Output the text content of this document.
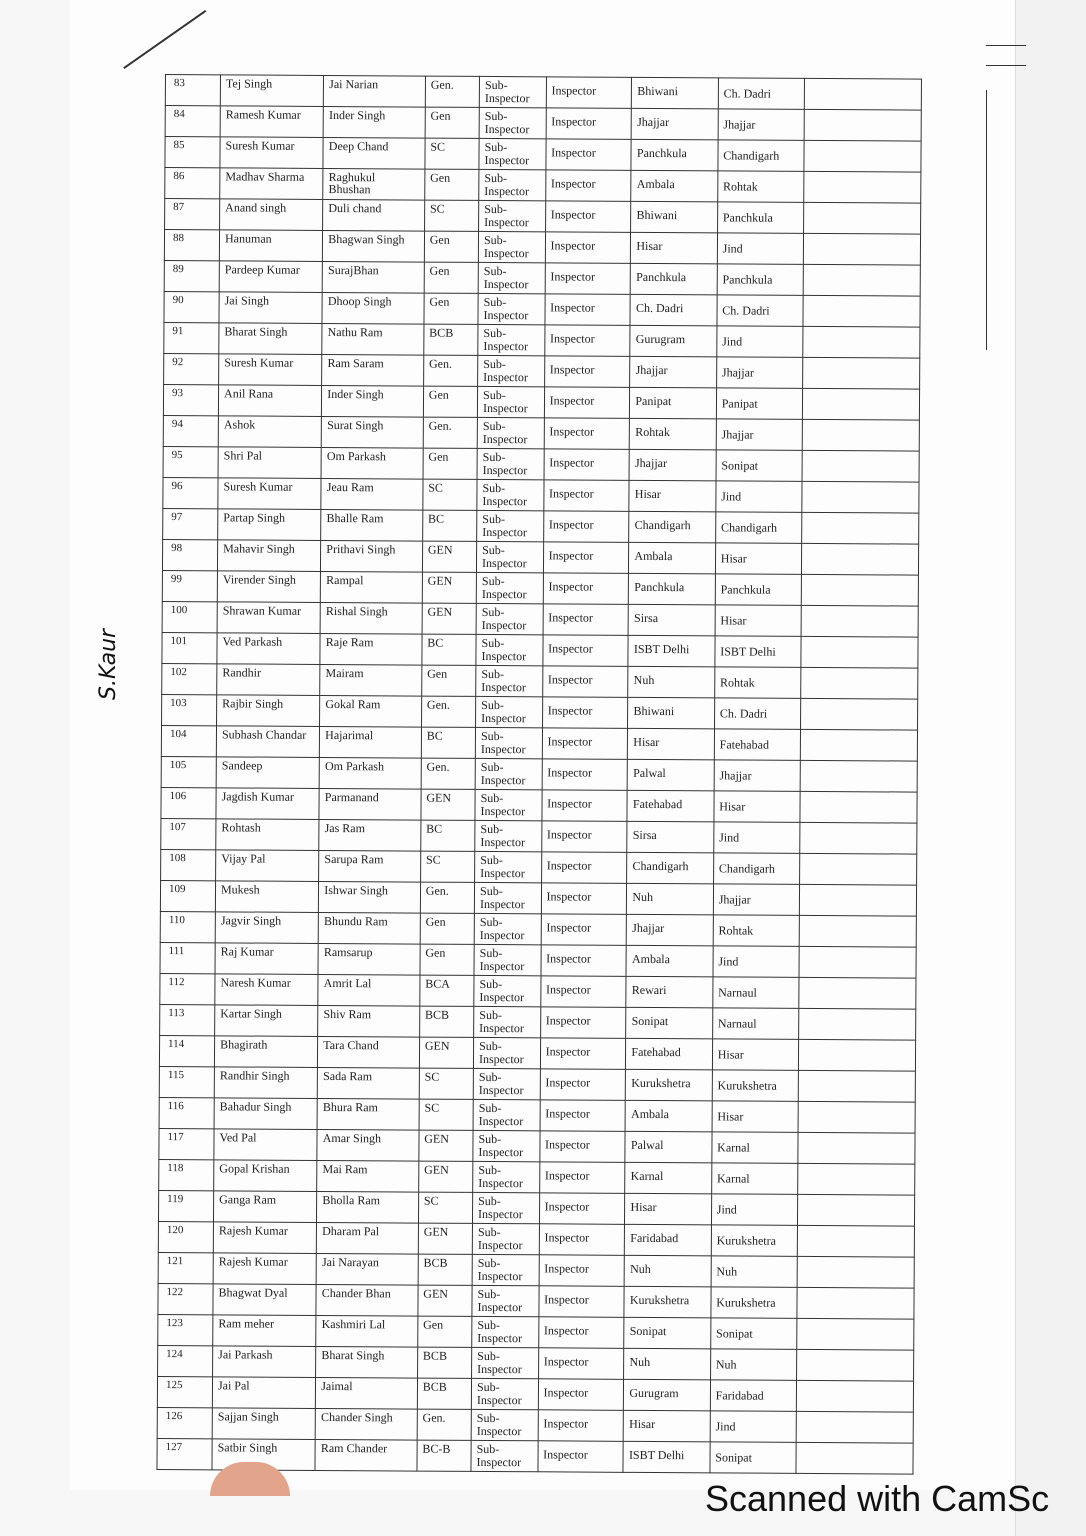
83	Tej Singh	Jai Narian	Gen.	Sub-Inspector	Inspector	Bhiwani	Ch. Dadri	
84	Ramesh Kumar	Inder Singh	Gen	Sub-Inspector	Inspector	Jhajjar	Jhajjar	
85	Suresh Kumar	Deep Chand	SC	Sub-Inspector	Inspector	Panchkula	Chandigarh	
86	Madhav Sharma	Raghukul Bhushan	Gen	Sub-Inspector	Inspector	Ambala	Rohtak	
87	Anand singh	Duli chand	SC	Sub-Inspector	Inspector	Bhiwani	Panchkula	
88	Hanuman	Bhagwan Singh	Gen	Sub-Inspector	Inspector	Hisar	Jind	
89	Pardeep Kumar	SurajBhan	Gen	Sub-Inspector	Inspector	Panchkula	Panchkula	
90	Jai Singh	Dhoop Singh	Gen	Sub-Inspector	Inspector	Ch. Dadri	Ch. Dadri	
91	Bharat Singh	Nathu Ram	BCB	Sub-Inspector	Inspector	Gurugram	Jind	
92	Suresh Kumar	Ram Saram	Gen.	Sub-Inspector	Inspector	Jhajjar	Jhajjar	
93	Anil Rana	Inder Singh	Gen	Sub-Inspector	Inspector	Panipat	Panipat	
94	Ashok	Surat Singh	Gen.	Sub-Inspector	Inspector	Rohtak	Jhajjar	
95	Shri Pal	Om Parkash	Gen	Sub-Inspector	Inspector	Jhajjar	Sonipat	
96	Suresh Kumar	Jeau Ram	SC	Sub-Inspector	Inspector	Hisar	Jind	
97	Partap Singh	Bhalle Ram	BC	Sub-Inspector	Inspector	Chandigarh	Chandigarh	
98	Mahavir Singh	Prithavi Singh	GEN	Sub-Inspector	Inspector	Ambala	Hisar	
99	Virender Singh	Rampal	GEN	Sub-Inspector	Inspector	Panchkula	Panchkula	
100	Shrawan Kumar	Rishal Singh	GEN	Sub-Inspector	Inspector	Sirsa	Hisar	
101	Ved Parkash	Raje Ram	BC	Sub-Inspector	Inspector	ISBT Delhi	ISBT Delhi	
102	Randhir	Mairam	Gen	Sub-Inspector	Inspector	Nuh	Rohtak	
103	Rajbir Singh	Gokal Ram	Gen.	Sub-Inspector	Inspector	Bhiwani	Ch. Dadri	
104	Subhash Chandar	Hajarimal	BC	Sub-Inspector	Inspector	Hisar	Fatehabad	
105	Sandeep	Om Parkash	Gen.	Sub-Inspector	Inspector	Palwal	Jhajjar	
106	Jagdish Kumar	Parmanand	GEN	Sub-Inspector	Inspector	Fatehabad	Hisar	
107	Rohtash	Jas Ram	BC	Sub-Inspector	Inspector	Sirsa	Jind	
108	Vijay Pal	Sarupa Ram	SC	Sub-Inspector	Inspector	Chandigarh	Chandigarh	
109	Mukesh	Ishwar Singh	Gen.	Sub-Inspector	Inspector	Nuh	Jhajjar	
110	Jagvir Singh	Bhundu Ram	Gen	Sub-Inspector	Inspector	Jhajjar	Rohtak	
111	Raj Kumar	Ramsarup	Gen	Sub-Inspector	Inspector	Ambala	Jind	
112	Naresh Kumar	Amrit Lal	BCA	Sub-Inspector	Inspector	Rewari	Narnaul	
113	Kartar Singh	Shiv Ram	BCB	Sub-Inspector	Inspector	Sonipat	Narnaul	
114	Bhagirath	Tara Chand	GEN	Sub-Inspector	Inspector	Fatehabad	Hisar	
115	Randhir Singh	Sada Ram	SC	Sub-Inspector	Inspector	Kurukshetra	Kurukshetra	
116	Bahadur Singh	Bhura Ram	SC	Sub-Inspector	Inspector	Ambala	Hisar	
117	Ved Pal	Amar Singh	GEN	Sub-Inspector	Inspector	Palwal	Karnal	
118	Gopal Krishan	Mai Ram	GEN	Sub-Inspector	Inspector	Karnal	Karnal	
119	Ganga Ram	Bholla Ram	SC	Sub-Inspector	Inspector	Hisar	Jind	
120	Rajesh Kumar	Dharam Pal	GEN	Sub-Inspector	Inspector	Faridabad	Kurukshetra	
121	Rajesh Kumar	Jai Narayan	BCB	Sub-Inspector	Inspector	Nuh	Nuh	
122	Bhagwat Dyal	Chander Bhan	GEN	Sub-Inspector	Inspector	Kurukshetra	Kurukshetra	
123	Ram meher	Kashmiri Lal	Gen	Sub-Inspector	Inspector	Sonipat	Sonipat	
124	Jai Parkash	Bharat Singh	BCB	Sub-Inspector	Inspector	Nuh	Nuh	
125	Jai Pal	Jaimal	BCB	Sub-Inspector	Inspector	Gurugram	Faridabad	
126	Sajjan Singh	Chander Singh	Gen.	Sub-Inspector	Inspector	Hisar	Jind	
127	Satbir Singh	Ram Chander	BC-B	Sub-Inspector	Inspector	ISBT Delhi	Sonipat	
S.Kaur
Scanned with CamSc
